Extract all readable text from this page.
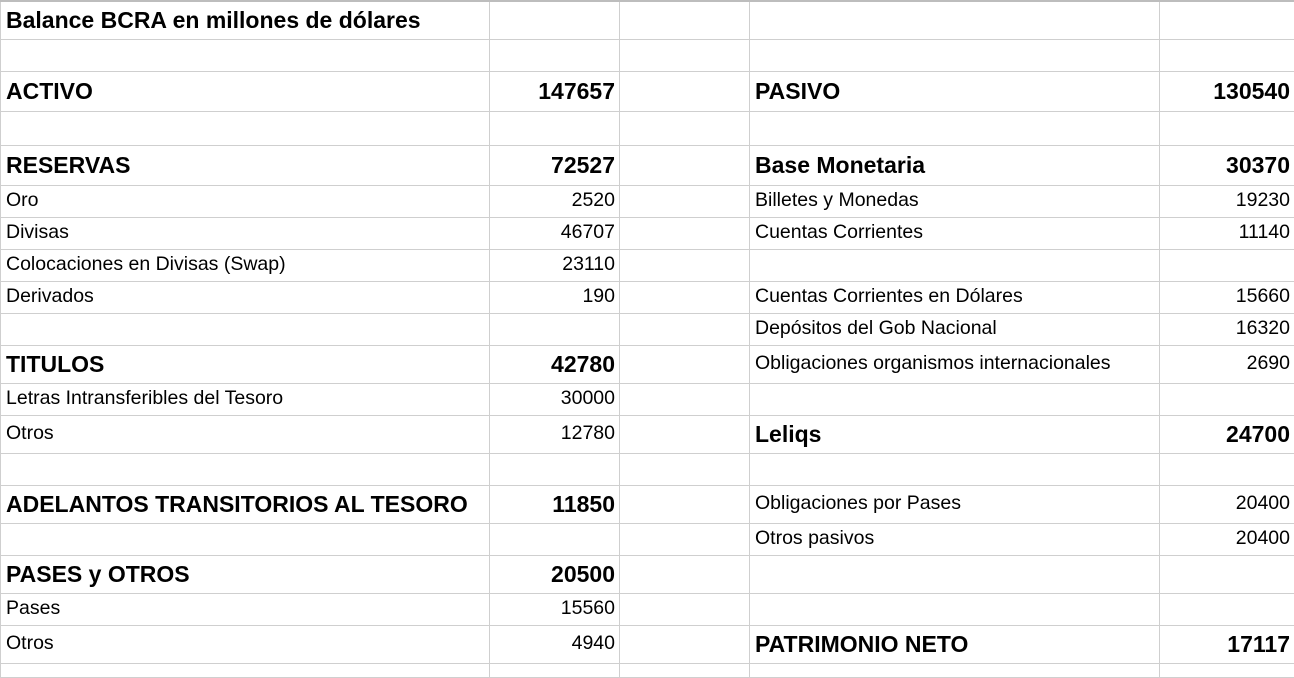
Balance BCRA en millones de dólares				

ACTIVO	147657		PASIVO	130540

RESERVAS	72527		Base Monetaria	30370
Oro	2520		Billetes y Monedas	19230
Divisas	46707		Cuentas Corrientes	11140
Colocaciones en Divisas (Swap)	23110			
Derivados	190		Cuentas Corrientes en Dólares	15660
			Depósitos del Gob Nacional	16320
TITULOS	42780		Obligaciones organismos internacionales	2690
Letras Intransferibles del Tesoro	30000			
Otros	12780		Leliqs	24700

ADELANTOS TRANSITORIOS AL TESORO	11850		Obligaciones por Pases	20400
			Otros pasivos	20400
PASES y OTROS	20500			
Pases	15560			
Otros	4940		PATRIMONIO NETO	17117
